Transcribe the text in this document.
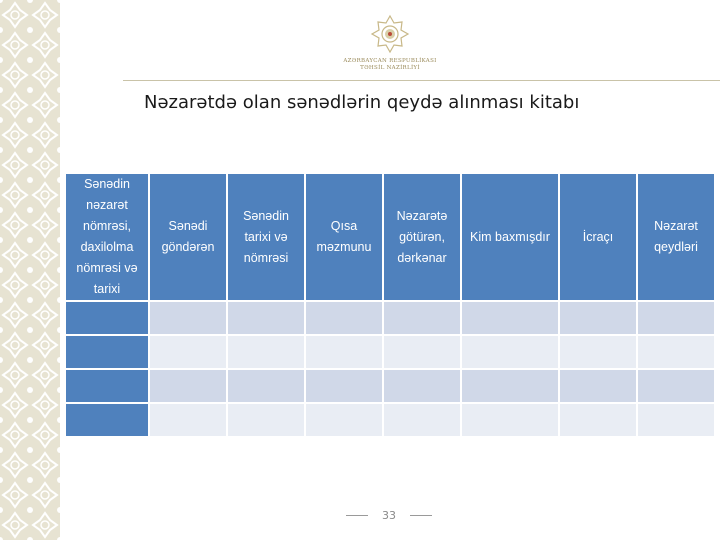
AZƏRBAYCAN RESPUBLİKASI
TƏHSİL NAZİRLİYİ
Nəzarətdə olan sənədlərin qeydə alınması kitabı
Sənədin nəzarət nömrəsi, daxilolma nömrəsi və tarixi	Sənədi göndərən	Sənədin tarixi və nömrəsi	Qısa məzmunu	Nəzarətə götürən, dərkənar	Kim baxmışdır	İcraçı	Nəzarət qeydləri

33
